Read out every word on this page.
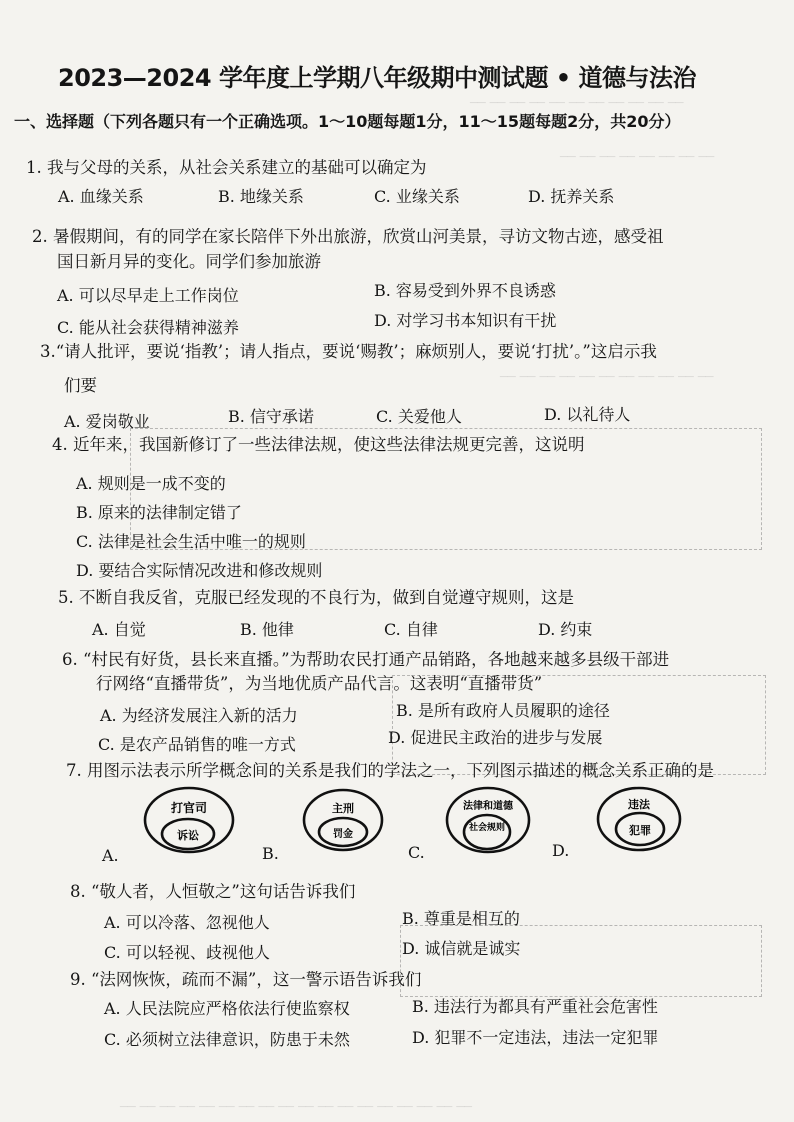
── ── ── ── ── ── ── ── ── ── ──
── ── ── ── ── ── ── ──
── ── ── ── ── ── ── ── ── ── ──
── ── ── ── ── ── ── ── ── ── ── ── ── ── ── ── ── ──
2023—2024 学年度上学期八年级期中测试题 • 道德与法治
一、选择题（下列各题只有一个正确选项。1～10题每题1分，11～15题每题2分，共20分）
1. 我与父母的关系，从社会关系建立的基础可以确定为
A. 血缘关系	B. 地缘关系	C. 业缘关系	D. 抚养关系
2. 暑假期间，有的同学在家长陪伴下外出旅游，欣赏山河美景，寻访文物古迹，感受祖
国日新月异的变化。同学们参加旅游
A. 可以尽早走上工作岗位	B. 容易受到外界不良诱惑
C. 能从社会获得精神滋养	D. 对学习书本知识有干扰
3.“请人批评，要说‘指教’；请人指点，要说‘赐教’；麻烦别人，要说‘打扰’。”这启示我
们要
A. 爱岗敬业	B. 信守承诺	C. 关爱他人	D. 以礼待人
4. 近年来，我国新修订了一些法律法规，使这些法律法规更完善，这说明
A. 规则是一成不变的
B. 原来的法律制定错了
C. 法律是社会生活中唯一的规则
D. 要结合实际情况改进和修改规则
5. 不断自我反省，克服已经发现的不良行为，做到自觉遵守规则，这是
A. 自觉	B. 他律	C. 自律	D. 约束
6. “村民有好货，县长来直播。”为帮助农民打通产品销路，各地越来越多县级干部进
行网络“直播带货”，为当地优质产品代言。这表明“直播带货”
A. 为经济发展注入新的活力	B. 是所有政府人员履职的途径
C. 是农产品销售的唯一方式	D. 促进民主政治的进步与发展
7. 用图示法表示所学概念间的关系是我们的学法之一，下列图示描述的概念关系正确的是
A.	B.	C.	D.
打官司
诉讼
主刑
罚金
法律和道德
社会规则
违法
犯罪
8. “敬人者，人恒敬之”这句话告诉我们
A. 可以冷落、忽视他人	B. 尊重是相互的
C. 可以轻视、歧视他人	D. 诚信就是诚实
9. “法网恢恢，疏而不漏”，这一警示语告诉我们
A. 人民法院应严格依法行使监察权	B. 违法行为都具有严重社会危害性
C. 必须树立法律意识，防患于未然	D. 犯罪不一定违法，违法一定犯罪
